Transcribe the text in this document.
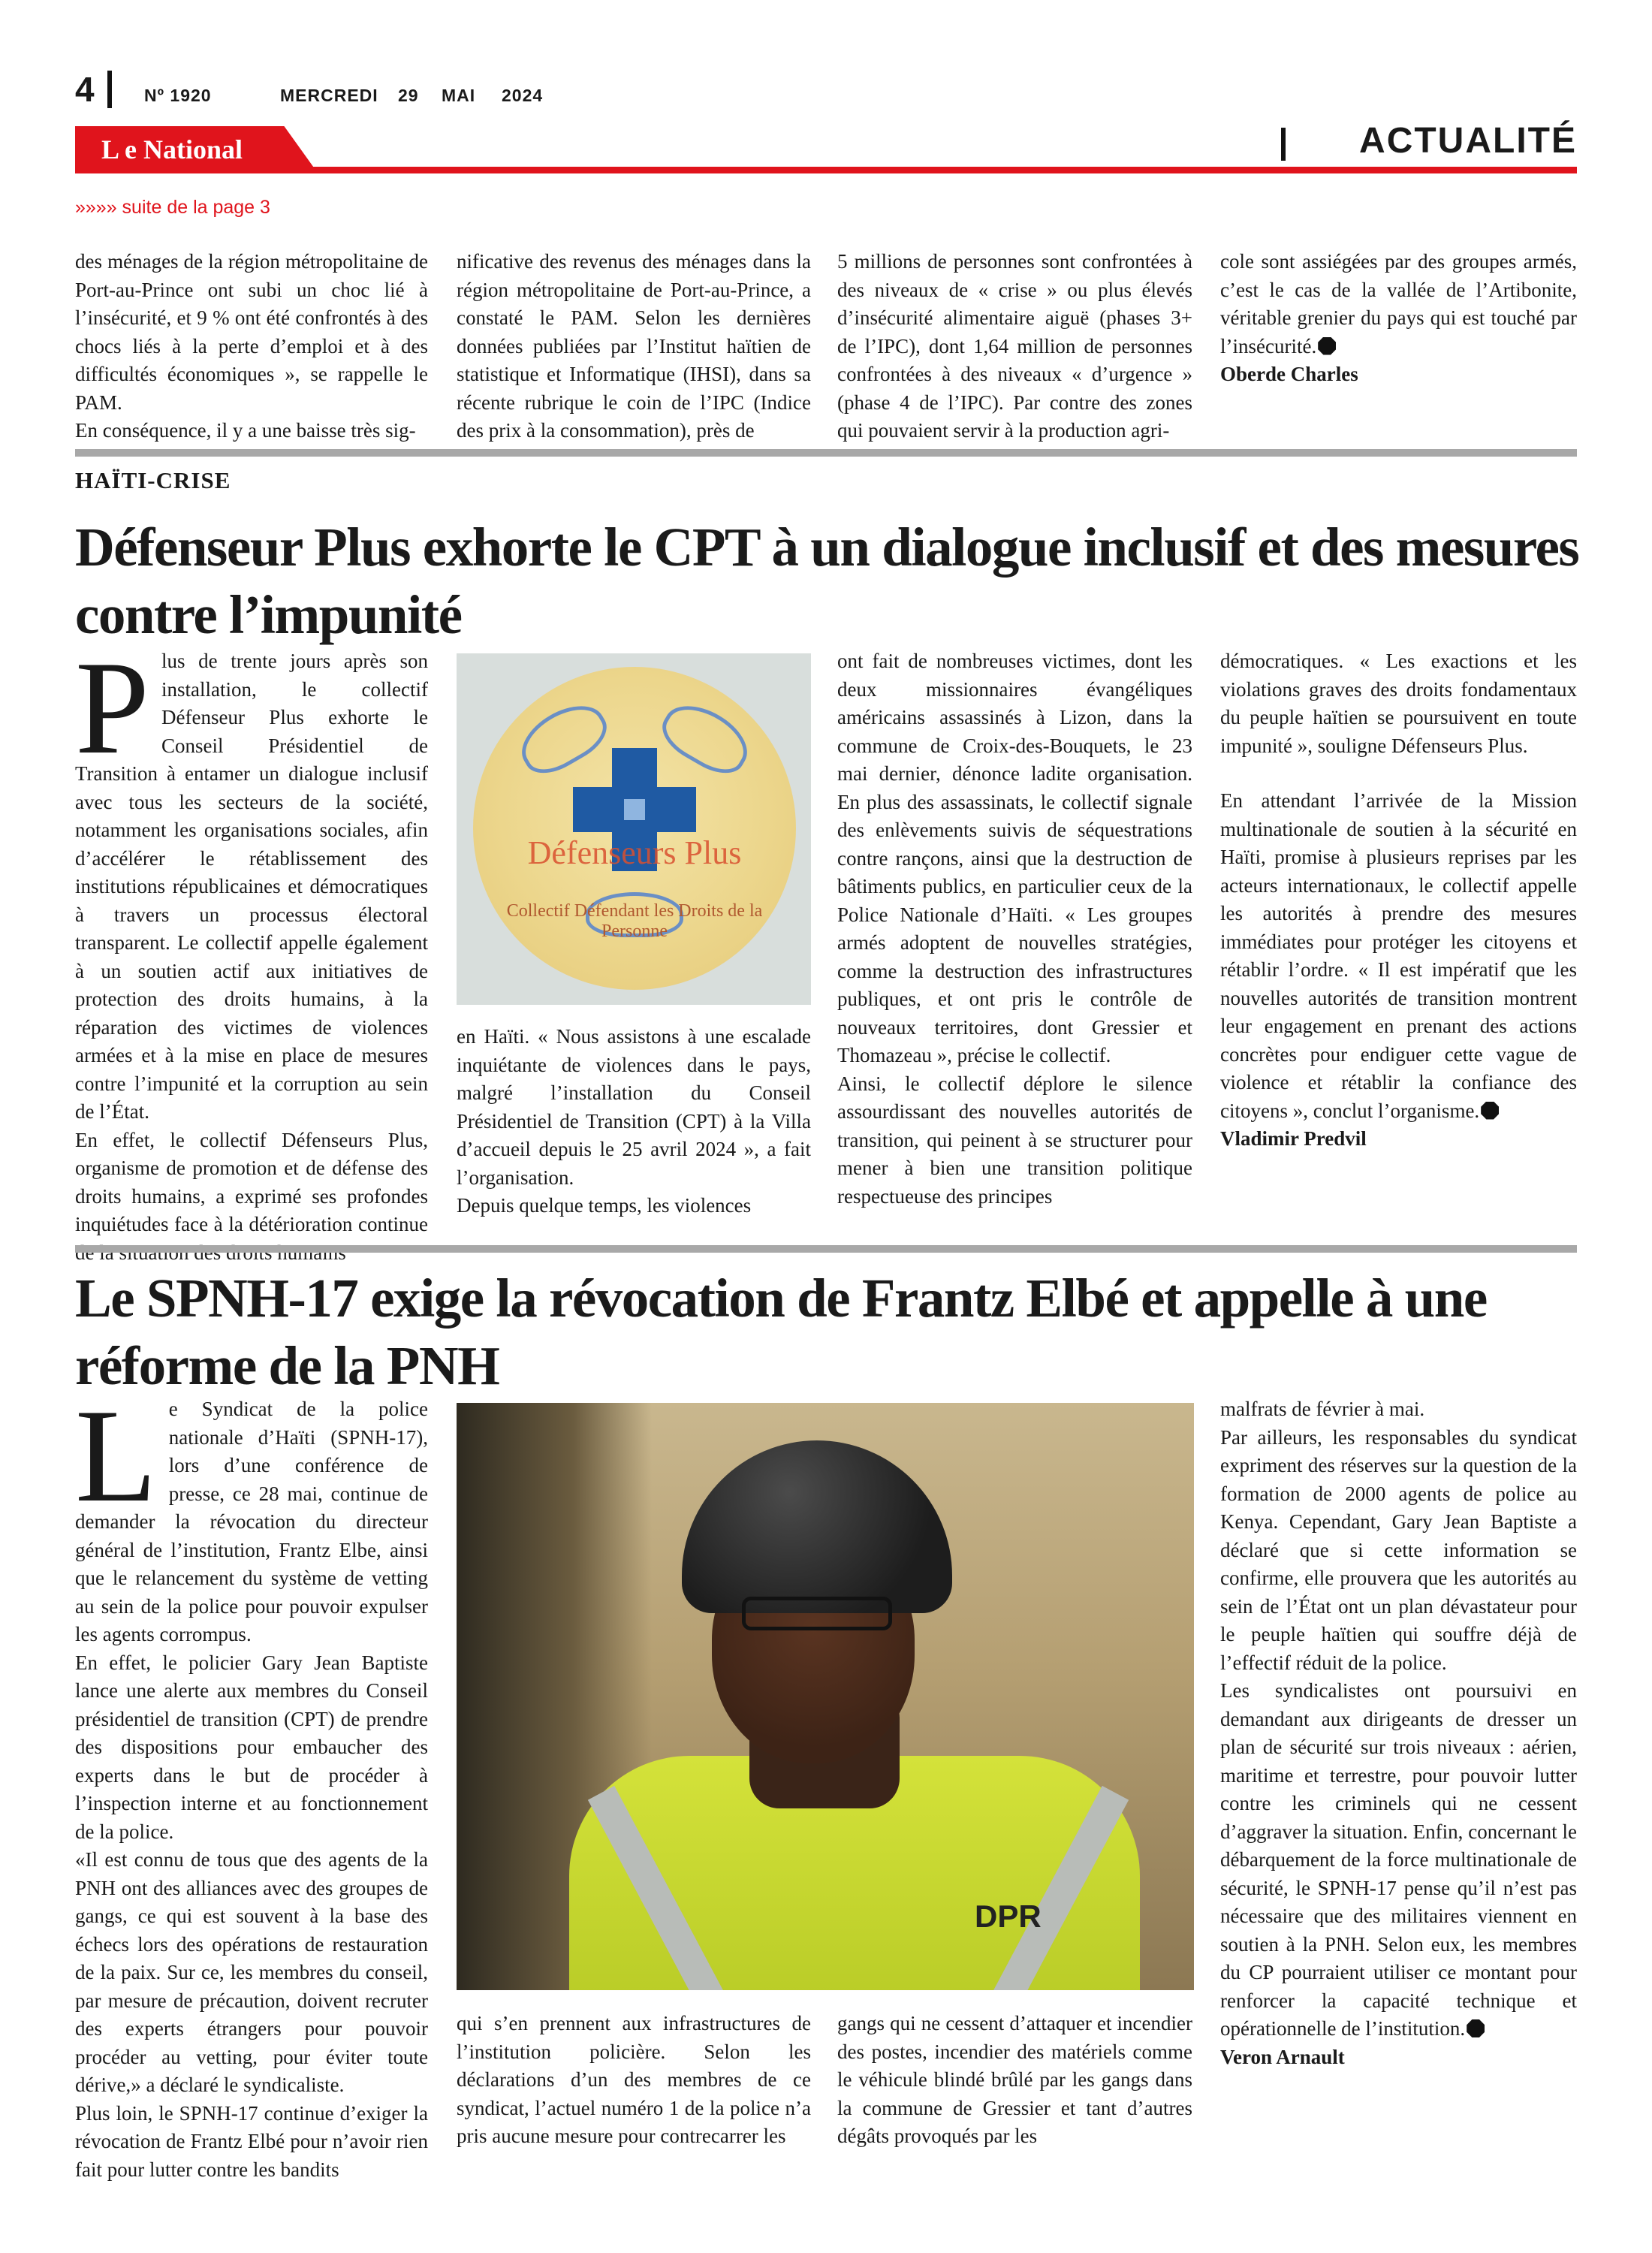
4	Nº 1920	MERCREDI 29 MAI 2024
L e National	ACTUALITÉ
»»»» suite de la page 3

des ménages de la région métropolitaine de Port-au-Prince ont subi un choc lié à l’insécurité, et 9 % ont été confrontés à des chocs liés à la perte d’emploi et à des difficultés économiques », se rappelle le PAM.

En conséquence, il y a une baisse très sig-

nificative des revenus des ménages dans la région métropolitaine de Port-au-Prince, a constaté le PAM. Selon les dernières données publiées par l’Institut haïtien de statistique et Informatique (IHSI), dans sa récente rubrique le coin de l’IPC (Indice des prix à la consommation), près de

5 millions de personnes sont confrontées à des niveaux de « crise » ou plus élevés d’insécurité alimentaire aiguë (phases 3+ de l’IPC), dont 1,64 million de personnes confrontées à des niveaux « d’urgence » (phase 4 de l’IPC). Par contre des zones qui pouvaient servir à la production agri-

cole sont assiégées par des groupes armés, c’est le cas de la vallée de l’Artibonite, véritable grenier du pays qui est touché par l’insécurité.

Oberde Charles

HAÏTI-CRISE
Défenseur Plus exhorte le CPT à un dialogue inclusif et des mesures contre l’impunité

Plus de trente jours après son installation, le collectif Défenseur Plus exhorte le Conseil Présidentiel de Transition à entamer un dialogue inclusif avec tous les secteurs de la société, notamment les organisations sociales, afin d’accélérer le rétablissement des institutions républicaines et démocratiques à travers un processus électoral transparent. Le collectif appelle également à un soutien actif aux initiatives de protection des droits humains, à la réparation des victimes de violences armées et à la mise en place de mesures contre l’impunité et la corruption au sein de l’État.

En effet, le collectif Défenseurs Plus, organisme de promotion et de défense des droits humains, a exprimé ses profondes inquiétudes face à la détérioration continue

Défenseurs Plus
Collectif Défendant les Droits de la Personne

en Haïti. « Nous assistons à une escalade inquiétante de violences dans le pays, malgré l’installation du Conseil Présidentiel de Transition (CPT) à la Villa d’accueil depuis le 25 avril 2024 », a fait l’organisation.

Depuis quelque temps, les violences

ont fait de nombreuses victimes, dont les deux missionnaires évangéliques américains assassinés à Lizon, dans la commune de Croix-des-Bouquets, le 23 mai dernier, dénonce ladite organisation. En plus des assassinats, le collectif signale des enlèvements suivis de séquestrations contre rançons, ainsi que la destruction de bâtiments publics, en particulier ceux de la Police Nationale d’Haïti. « Les groupes armés adoptent de nouvelles stratégies, comme la destruction des infrastructures publiques, et ont pris le contrôle de nouveaux territoires, dont Gressier et Thomazeau », précise le collectif.

Ainsi, le collectif déplore le silence assourdissant des nouvelles autorités de transition, qui peinent à se structurer pour mener à bien une transition politique respectueuse des principes

démocratiques. « Les exactions et les violations graves des droits fondamentaux du peuple haïtien se poursuivent en toute impunité », souligne Défenseurs Plus.

En attendant l’arrivée de la Mission multinationale de soutien à la sécurité en Haïti, promise à plusieurs reprises par les acteurs internationaux, le collectif appelle les autorités à prendre des mesures immédiates pour protéger les citoyens et rétablir l’ordre. « Il est impératif que les nouvelles autorités de transition montrent leur engagement en prenant des actions concrètes pour endiguer cette vague de violence et rétablir la confiance des citoyens », conclut l’organisme.

Vladimir Predvil

Le SPNH-17 exige la révocation de Frantz Elbé et appelle à une réforme de la PNH

Le Syndicat de la police nationale d’Haïti (SPNH-17), lors d’une conférence de presse, ce 28 mai, continue de demander la révocation du directeur général de l’institution, Frantz Elbe, ainsi que le relancement du système de vetting au sein de la police pour pouvoir expulser les agents corrompus.

En effet, le policier Gary Jean Baptiste lance une alerte aux membres du Conseil présidentiel de transition (CPT) de prendre des dispositions pour embaucher des experts dans le but de procéder à l’inspection interne et au fonctionnement de la police.

«Il est connu de tous que des agents de la PNH ont des alliances avec des groupes de gangs, ce qui est souvent à la base des échecs lors des opérations de restauration de la paix. Sur ce, les membres du conseil, par mesure de précaution, doivent recruter des experts étrangers pour pouvoir procéder au vetting, pour éviter toute dérive,» a déclaré le syndicaliste.

Plus loin, le SPNH-17 continue d’exiger la révocation de Frantz Elbé pour n’avoir rien fait pour lutter contre les bandits

DPR

qui s’en prennent aux infrastructures de l’institution policière. Selon les déclarations d’un des membres de ce syndicat, l’actuel numéro 1 de la police n’a pris aucune mesure pour contrecarrer les

gangs qui ne cessent d’attaquer et incendier des postes, incendier des matériels comme le véhicule blindé brûlé par les gangs dans la commune de Gressier et tant d’autres dégâts provoqués par les

malfrats de février à mai.

Par ailleurs, les responsables du syndicat expriment des réserves sur la question de la formation de 2000 agents de police au Kenya. Cependant, Gary Jean Baptiste a déclaré que si cette information se confirme, elle prouvera que les autorités au sein de l’État ont un plan dévastateur pour le peuple haïtien qui souffre déjà de l’effectif réduit de la police.

Les syndicalistes ont poursuivi en demandant aux dirigeants de dresser un plan de sécurité sur trois niveaux : aérien, maritime et terrestre, pour pouvoir lutter contre les criminels qui ne cessent d’aggraver la situation. Enfin, concernant le débarquement de la force multinationale de sécurité, le SPNH-17 pense qu’il n’est pas nécessaire que des militaires viennent en soutien à la PNH. Selon eux, les membres du CP pourraient utiliser ce montant pour renforcer la capacité technique et opérationnelle de l’institution.

Veron Arnault
